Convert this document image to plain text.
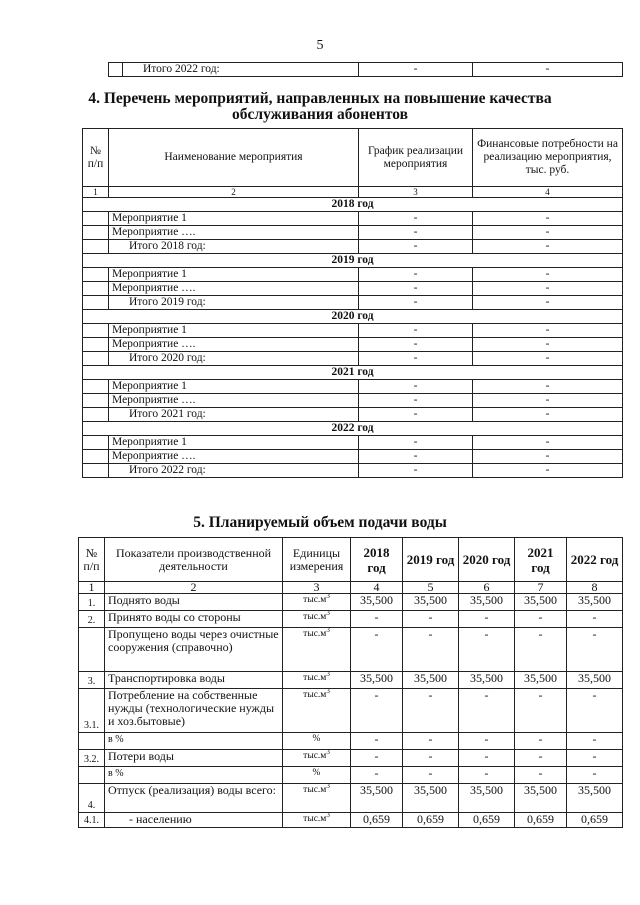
5
	Итого 2022 год:	-	-
4. Перечень мероприятий, направленных на повышение качества
обслуживания абонентов
№ п/п	Наименование мероприятия	График реализации мероприятия	Финансовые потребности на реализацию мероприятия, тыс. руб.
1	2	3	4
2018 год			
	Мероприятие 1	-	-
	Мероприятие ….	-	-
	Итого 2018 год:	-	-
2019 год			
	Мероприятие 1	-	-
	Мероприятие ….	-	-
	Итого 2019 год:	-	-
2020 год			
	Мероприятие 1	-	-
	Мероприятие ….	-	-
	Итого 2020 год:	-	-
2021 год			
	Мероприятие 1	-	-
	Мероприятие ….	-	-
	Итого 2021 год:	-	-
2022 год			
	Мероприятие 1	-	-
	Мероприятие ….	-	-
	Итого 2022 год:	-	-
5. Планируемый объем подачи воды
№ п/п	Показатели производственной деятельности	Единицы измерения	2018 год	2019 год	2020 год	2021 год	2022 год
1	2	3	4	5	6	7	8
1.	Поднято воды	$тыс.м^3$	35,500	35,500	35,500	35,500	35,500
2.	Принято воды со стороны	$тыс.м^3$	-	-	-	-	-
	Пропущено воды через очистные сооружения (справочно)	$тыс.м^3$	-	-	-	-	-
3.	Транспортировка воды	$тыс.м^3$	35,500	35,500	35,500	35,500	35,500
3.1.	Потребление на собственные нужды (технологические нужды и хоз.бытовые)	$тыс.м^3$	-	-	-	-	-
	в %	%	-	-	-	-	-
3.2.	Потери воды	$тыс.м^3$	-	-	-	-	-
	в %	%	-	-	-	-	-
4.	Отпуск (реализация) воды всего:	$тыс.м^3$	35,500	35,500	35,500	35,500	35,500
4.1.	- населению	$тыс.м^3$	0,659	0,659	0,659	0,659	0,659
